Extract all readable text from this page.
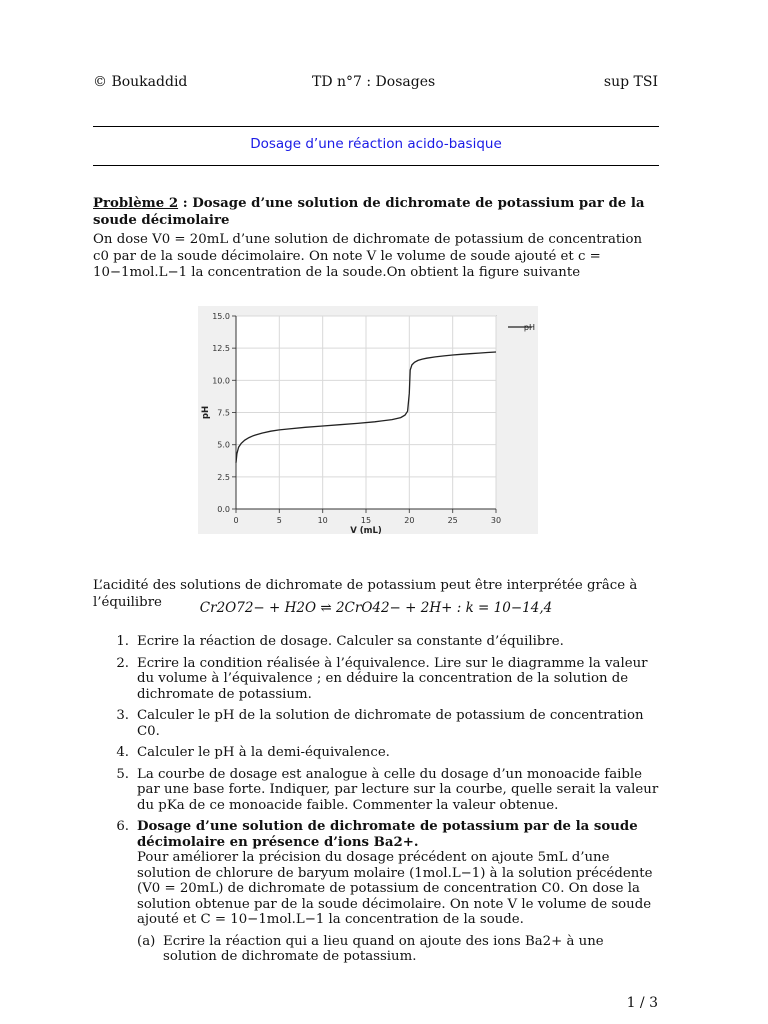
© Boukaddid	TD n°7 : Dosages	sup TSI
Dosage d’une réaction acido-basique
Problème 2 : Dosage d’une solution de dichromate de potassium par de la soude décimolaire
On dose V0 = 20mL d’une solution de dichromate de potassium de concentration c0 par de la soude décimolaire. On note V le volume de soude ajouté et c = 10−1mol.L−1 la concentration de la soude.On obtient la figure suivante
0	5	10	15	20	25	30
0.0
2.5
5.0
7.5
10.0
12.5
15.0
V (mL)
pH
pH
L’acidité des solutions de dichromate de potassium peut être interprétée grâce à l’équilibre	Cr2O72− + H2O ⇌ 2CrO42− + 2H+ : k = 10−14,4
1. Ecrire la réaction de dosage. Calculer sa constante d’équilibre.
2. Ecrire la condition réalisée à l’équivalence. Lire sur le diagramme la valeur du volume à l’équivalence ; en déduire la concentration de la solution de dichromate de potassium.
3. Calculer le pH de la solution de dichromate de potassium de concentration C0.
4. Calculer le pH à la demi-équivalence.
5. La courbe de dosage est analogue à celle du dosage d’un monoacide faible par une base forte. Indiquer, par lecture sur la courbe, quelle serait la valeur du pKa de ce monoacide faible. Commenter la valeur obtenue.
6. Dosage d’une solution de dichromate de potassium par de la soude décimolaire en présence d’ions Ba2+.
Pour améliorer la précision du dosage précédent on ajoute 5mL d’une solution de chlorure de baryum molaire (1mol.L−1) à la solution précédente (V0 = 20mL) de dichromate de potassium de concentration C0. On dose la solution obtenue par de la soude décimolaire. On note V le volume de soude ajouté et C = 10−1mol.L−1 la concentration de la soude.
(a) Ecrire la réaction qui a lieu quand on ajoute des ions Ba2+ à une solution de dichromate de potassium.
1 / 3
